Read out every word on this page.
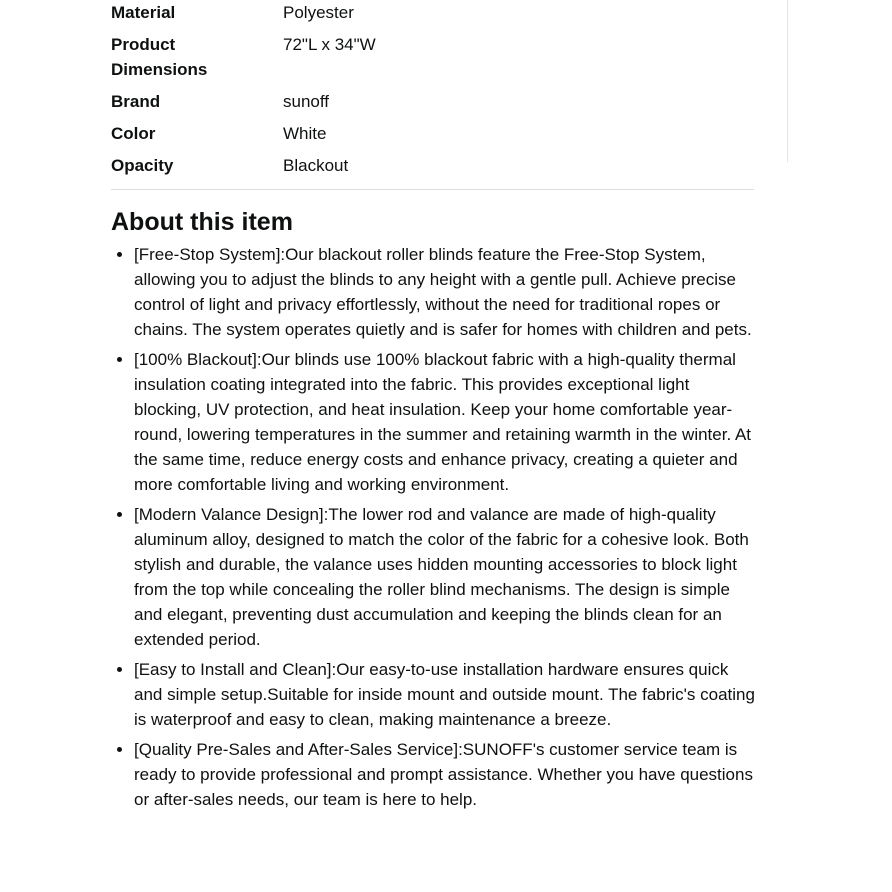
Material	Polyester
Product Dimensions	72"L x 34"W
Brand	sunoff
Color	White
Opacity	Blackout
About this item
• [Free-Stop System]:Our blackout roller blinds feature the Free-Stop System, allowing you to adjust the blinds to any height with a gentle pull. Achieve precise control of light and privacy effortlessly, without the need for traditional ropes or chains. The system operates quietly and is safer for homes with children and pets.
• [100% Blackout]:Our blinds use 100% blackout fabric with a high-quality thermal insulation coating integrated into the fabric. This provides exceptional light blocking, UV protection, and heat insulation. Keep your home comfortable year-round, lowering temperatures in the summer and retaining warmth in the winter. At the same time, reduce energy costs and enhance privacy, creating a quieter and more comfortable living and working environment.
• [Modern Valance Design]:The lower rod and valance are made of high-quality aluminum alloy, designed to match the color of the fabric for a cohesive look. Both stylish and durable, the valance uses hidden mounting accessories to block light from the top while concealing the roller blind mechanisms. The design is simple and elegant, preventing dust accumulation and keeping the blinds clean for an extended period.
• [Easy to Install and Clean]:Our easy-to-use installation hardware ensures quick and simple setup.Suitable for inside mount and outside mount. The fabric's coating is waterproof and easy to clean, making maintenance a breeze.
• [Quality Pre-Sales and After-Sales Service]:SUNOFF's customer service team is ready to provide professional and prompt assistance. Whether you have questions or after-sales needs, our team is here to help.
